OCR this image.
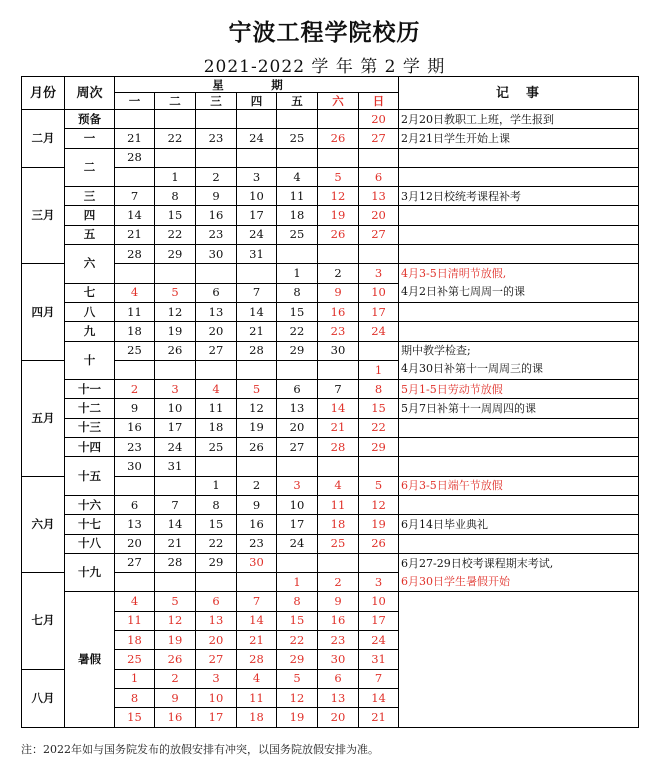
宁波工程学院校历
2021-2022 学 年 第 2 学 期
月份	周次	星　期							记　事
		一	二	三	四	五	六	日	
二月	预备							20	2月20日教职工上班，学生报到

	一	21	22	23	24	25	26	27	2月21日学生开始上课

	二	28							
三月			1	2	3	4	5	6	
	三	7	8	9	10	11	12	13	3月12日校统考课程补考

	四	14	15	16	17	18	19	20	
	五	21	22	23	24	25	26	27	
	六	28	29	30	31				
四月						1	2	3	4月3-5日清明节放假,
4月2日补第七周周一的课

	七	4	5	6	7	8	9	10	
	八	11	12	13	14	15	16	17	
	九	18	19	20	21	22	23	24	
	十	25	26	27	28	29	30		期中教学检查;
4月30日补第十一周周三的课

五月								1	
	十一	2	3	4	5	6	7	8	5月1-5日劳动节放假

	十二	9	10	11	12	13	14	15	5月7日补第十一周周四的课

	十三	16	17	18	19	20	21	22	
	十四	23	24	25	26	27	28	29	
	十五	30	31						
六月				1	2	3	4	5	6月3-5日端午节放假

	十六	6	7	8	9	10	11	12	
	十七	13	14	15	16	17	18	19	6月14日毕业典礼

	十八	20	21	22	23	24	25	26	
	十九	27	28	29	30				6月27-29日校考课程期末考试,
6月30日学生暑假开始

七月						1	2	3	
	暑假	4	5	6	7	8	9	10	
		11	12	13	14	15	16	17	
		18	19	20	21	22	23	24	
		25	26	27	28	29	30	31	
八月		1	2	3	4	5	6	7	
		8	9	10	11	12	13	14	
		15	16	17	18	19	20	21	
注：2022年如与国务院发布的放假安排有冲突，以国务院放假安排为准。
